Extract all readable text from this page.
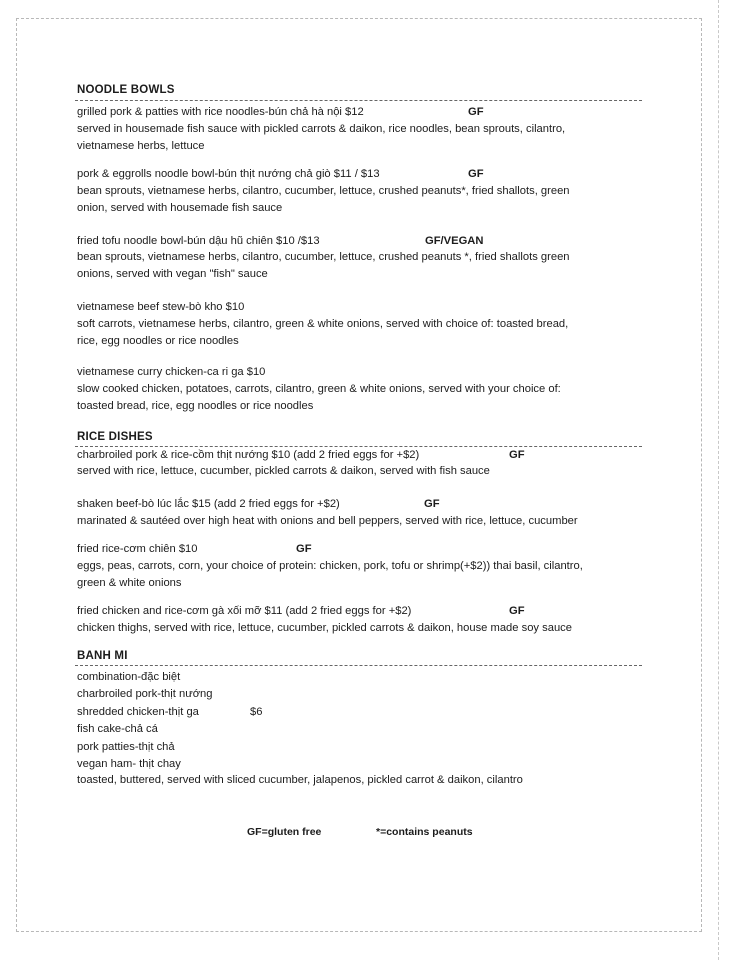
NOODLE BOWLS
grilled pork & patties with rice noodles-bún chả hà nội $12	GF
served in housemade fish sauce with pickled carrots & daikon, rice noodles, bean sprouts, cilantro,
vietnamese herbs, lettuce
pork & eggrolls noodle bowl-bún thịt nướng chả giò $11 / $13	GF
bean sprouts, vietnamese herbs, cilantro, cucumber, lettuce, crushed peanuts*, fried shallots, green
onion, served with housemade fish sauce
fried tofu noodle bowl-bún dậu hũ chiên $10 /$13	GF/VEGAN
bean sprouts, vietnamese herbs, cilantro, cucumber, lettuce, crushed peanuts *, fried shallots green
onions, served with vegan "fish" sauce
vietnamese beef stew-bò kho $10
soft carrots, vietnamese herbs, cilantro, green & white onions, served with choice of: toasted bread,
rice, egg noodles or rice noodles
vietnamese curry chicken-ca ri ga $10
slow cooked chicken, potatoes, carrots, cilantro, green & white onions, served with your choice of:
toasted bread, rice, egg noodles or rice noodles
RICE DISHES
charbroiled pork & rice-cồm thịt nướng $10 (add 2 fried eggs for +$2)	GF
served with rice, lettuce, cucumber, pickled carrots & daikon, served with fish sauce
shaken beef-bò lúc lắc $15 (add 2 fried eggs for +$2)	GF
marinated & sautéed over high heat with onions and bell peppers, served with rice, lettuce, cucumber
fried rice-cơm chiên $10	GF
eggs, peas, carrots, corn, your choice of protein: chicken, pork, tofu or shrimp(+$2)) thai basil, cilantro,
green & white onions
fried chicken and rice-cơm gà xối mỡ $11 (add 2 fried eggs for +$2)	GF
chicken thighs, served with rice, lettuce, cucumber, pickled carrots & daikon, house made soy sauce
BANH MI
combination-đặc biệt
charbroiled pork-thịt nướng
shredded chicken-thịt ga	$6
fish cake-chả cá
pork patties-thịt chả
vegan ham- thịt chay
toasted, buttered, served with sliced cucumber, jalapenos, pickled carrot & daikon, cilantro
GF=gluten free	*=contains peanuts
